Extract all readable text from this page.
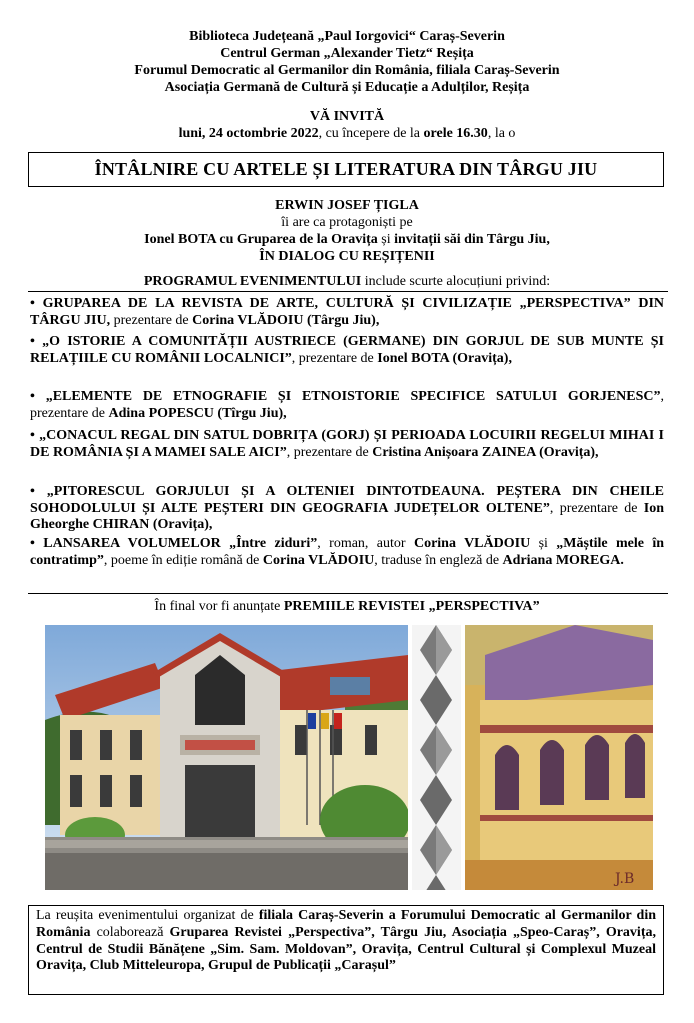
Biblioteca Județeană „Paul Iorgovici“ Caraș-Severin
Centrul German „Alexander Tietz“ Reșița
Forumul Democratic al Germanilor din România, filiala Caraș-Severin
Asociația Germană de Cultură și Educație a Adulților, Reșița
VĂ INVITĂ
luni, 24 octombrie 2022, cu începere de la orele 16.30, la o
ÎNTÂLNIRE CU ARTELE ȘI LITERATURA DIN TÂRGU JIU
ERWIN JOSEF ȚIGLA
îi are ca protagoniști pe
Ionel BOTA cu Gruparea de la Oravița și invitații săi din Târgu Jiu,
ÎN DIALOG CU REȘIȚENII
PROGRAMUL EVENIMENTULUI include scurte alocuțiuni privind:
• GRUPAREA DE LA REVISTA DE ARTE, CULTURĂ ȘI CIVILIZAȚIE „PERSPECTIVA” DIN TÂRGU JIU, prezentare de Corina VLĂDOIU (Târgu Jiu),
• „O ISTORIE A COMUNITĂȚII AUSTRIECE (GERMANE) DIN GORJUL DE SUB MUNTE ȘI RELAȚIILE CU ROMÂNII LOCALNICI”, prezentare de Ionel BOTA (Oravița),
• „ELEMENTE DE ETNOGRAFIE ȘI ETNOISTORIE SPECIFICE SATULUI GORJENESC”, prezentare de Adina POPESCU (Tîrgu Jiu),
• „CONACUL REGAL DIN SATUL DOBRIȚA (GORJ) ȘI PERIOADA LOCUIRII REGELUI MIHAI I DE ROMÂNIA ȘI A MAMEI SALE AICI”, prezentare de Cristina Anișoara ZAINEA (Oravița),
• „PITORESCUL GORJULUI ȘI A OLTENIEI DINTOTDEAUNA. PEȘTERA DIN CHEILE SOHODOLULUI ȘI ALTE PEȘTERI DIN GEOGRAFIA JUDEȚELOR OLTENE”, prezentare de Ion Gheorghe CHIRAN (Oravița),
• LANSAREA VOLUMELOR „Între ziduri”, roman, autor Corina VLĂDOIU și „Măștile mele în contratimp”, poeme în ediție română de Corina VLĂDOIU, traduse în engleză de Adriana MOREGA.
În final vor fi anunțate PREMIILE REVISTEI „PERSPECTIVA”
J.B
La reușita evenimentului organizat de filiala Caraș-Severin a Forumului Democratic al Germanilor din România colaborează Gruparea Revistei „Perspectiva”, Târgu Jiu, Asociația „Speo-Caraș”, Oravița, Centrul de Studii Bănățene „Sim. Sam. Moldovan”, Oravița, Centrul Cultural și Complexul Muzeal Oravița, Club Mitteleuropa, Grupul de Publicații „Carașul”
